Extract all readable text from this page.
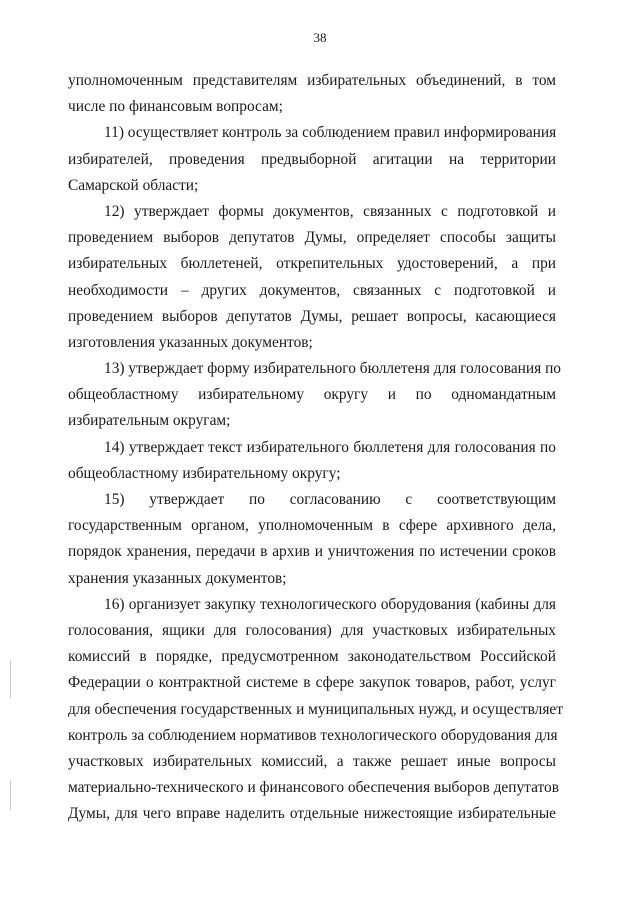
38
уполномоченным представителям избирательных объединений, в том
числе по финансовым вопросам;
11) осуществляет контроль за соблюдением правил информирования
избирателей, проведения предвыборной агитации на территории
Самарской области;
12) утверждает формы документов, связанных с подготовкой и
проведением выборов депутатов Думы, определяет способы защиты
избирательных бюллетеней, открепительных удостоверений, а при
необходимости – других документов, связанных с подготовкой и
проведением выборов депутатов Думы, решает вопросы, касающиеся
изготовления указанных документов;
13) утверждает форму избирательного бюллетеня для голосования по
общеобластному избирательному округу и по одномандатным
избирательным округам;
14) утверждает текст избирательного бюллетеня для голосования по
общеобластному избирательному округу;
15) утверждает по согласованию с соответствующим
государственным органом, уполномоченным в сфере архивного дела,
порядок хранения, передачи в архив и уничтожения по истечении сроков
хранения указанных документов;
16) организует закупку технологического оборудования (кабины для
голосования, ящики для голосования) для участковых избирательных
комиссий в порядке, предусмотренном законодательством Российской
Федерации о контрактной системе в сфере закупок товаров, работ, услуг
для обеспечения государственных и муниципальных нужд, и осуществляет
контроль за соблюдением нормативов технологического оборудования для
участковых избирательных комиссий, а также решает иные вопросы
материально-технического и финансового обеспечения выборов депутатов
Думы, для чего вправе наделить отдельные нижестоящие избирательные
